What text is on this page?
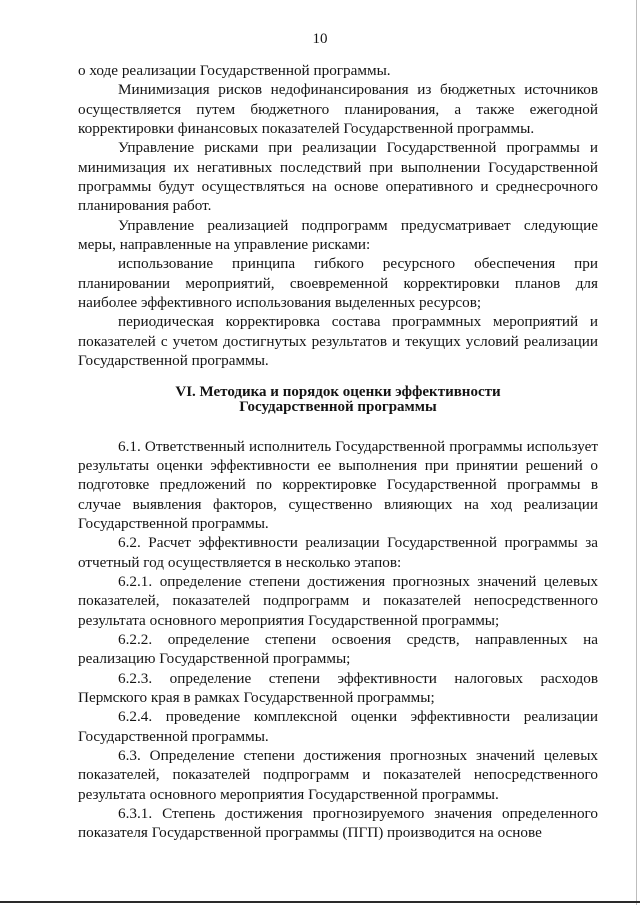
10

о ходе реализации Государственной программы.

Минимизация рисков недофинансирования из бюджетных источников осуществляется путем бюджетного планирования, а также ежегодной корректировки финансовых показателей Государственной программы.

Управление рисками при реализации Государственной программы и минимизация их негативных последствий при выполнении Государственной программы будут осуществляться на основе оперативного и среднесрочного планирования работ.

Управление реализацией подпрограмм предусматривает следующие меры, направленные на управление рисками:

использование принципа гибкого ресурсного обеспечения при планировании мероприятий, своевременной корректировки планов для наиболее эффективного использования выделенных ресурсов;

периодическая корректировка состава программных мероприятий и показателей с учетом достигнутых результатов и текущих условий реализации Государственной программы.

VI. Методика и порядок оценки эффективности
Государственной программы

6.1. Ответственный исполнитель Государственной программы использует результаты оценки эффективности ее выполнения при принятии решений о подготовке предложений по корректировке Государственной программы в случае выявления факторов, существенно влияющих на ход реализации Государственной программы.

6.2. Расчет эффективности реализации Государственной программы за отчетный год осуществляется в несколько этапов:

6.2.1. определение степени достижения прогнозных значений целевых показателей, показателей подпрограмм и показателей непосредственного результата основного мероприятия Государственной программы;

6.2.2. определение степени освоения средств, направленных на реализацию Государственной программы;

6.2.3. определение степени эффективности налоговых расходов Пермского края в рамках Государственной программы;

6.2.4. проведение комплексной оценки эффективности реализации Государственной программы.

6.3. Определение степени достижения прогнозных значений целевых показателей, показателей подпрограмм и показателей непосредственного результата основного мероприятия Государственной программы.

6.3.1. Степень достижения прогнозируемого значения определенного показателя Государственной программы (ПГП) производится на основе
